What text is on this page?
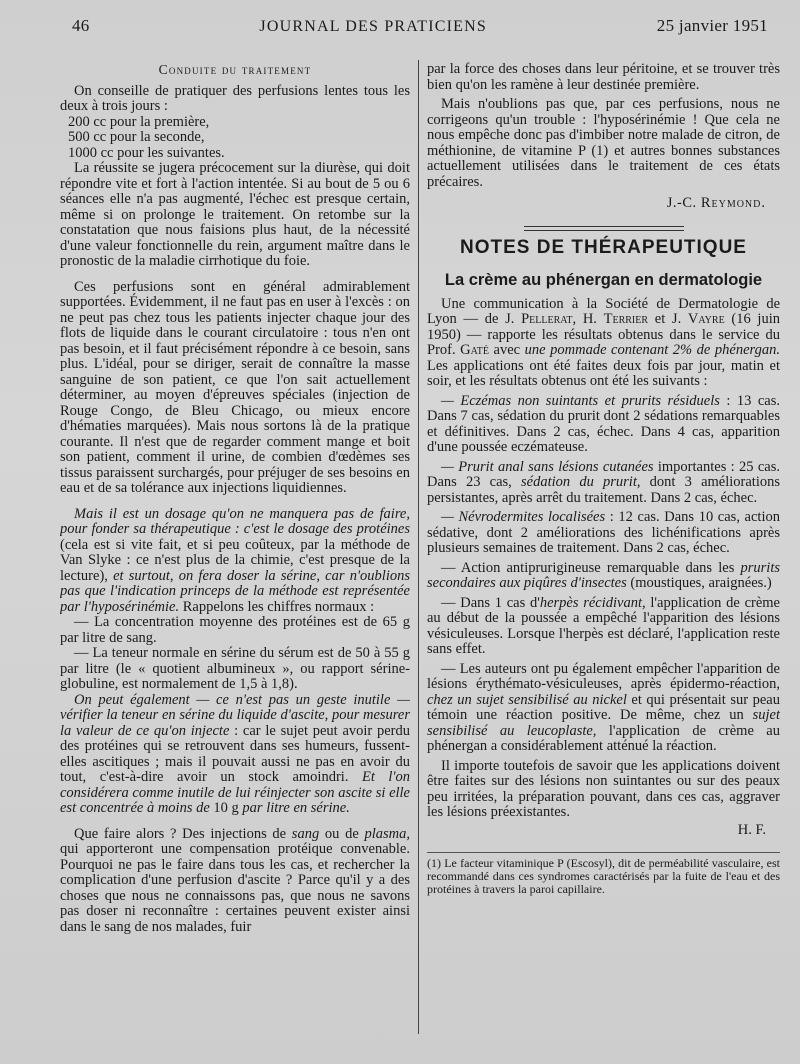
46	JOURNAL DES PRATICIENS	25 janvier 1951
Conduite du traitement

On conseille de pratiquer des perfusions lentes tous les deux à trois jours :

200 cc pour la première,

500 cc pour la seconde,

1000 cc pour les suivantes.

La réussite se jugera précocement sur la diurèse, qui doit répondre vite et fort à l'action intentée. Si au bout de 5 ou 6 séances elle n'a pas augmenté, l'échec est presque certain, même si on prolonge le traitement. On retombe sur la constatation que nous faisions plus haut, de la nécessité d'une valeur fonctionnelle du rein, argument maître dans le pronostic de la maladie cirrhotique du foie.

Ces perfusions sont en général admirablement supportées. Évidemment, il ne faut pas en user à l'excès : on ne peut pas chez tous les patients injecter chaque jour des flots de liquide dans le courant circulatoire : tous n'en ont pas besoin, et il faut précisément répondre à ce besoin, sans plus. L'idéal, pour se diriger, serait de connaître la masse sanguine de son patient, ce que l'on sait actuellement déterminer, au moyen d'épreuves spéciales (injection de Rouge Congo, de Bleu Chicago, ou mieux encore d'hématies marquées). Mais nous sortons là de la pratique courante. Il n'est que de regarder comment mange et boit son patient, comment il urine, de combien d'œdèmes ses tissus paraissent surchargés, pour préjuger de ses besoins en eau et de sa tolérance aux injections liquidiennes.

Mais il est un dosage qu'on ne manquera pas de faire, pour fonder sa thérapeutique : c'est le dosage des protéines (cela est si vite fait, et si peu coûteux, par la méthode de Van Slyke : ce n'est plus de la chimie, c'est presque de la lecture), et surtout, on fera doser la sérine, car n'oublions pas que l'indication princeps de la méthode est représentée par l'hyposérinémie. Rappelons les chiffres normaux :

— La concentration moyenne des protéines est de 65 g par litre de sang.

— La teneur normale en sérine du sérum est de 50 à 55 g par litre (le « quotient albumineux », ou rapport sérine-globuline, est normalement de 1,5 à 1,8).

On peut également — ce n'est pas un geste inutile — vérifier la teneur en sérine du liquide d'ascite, pour mesurer la valeur de ce qu'on injecte : car le sujet peut avoir perdu des protéines qui se retrouvent dans ses humeurs, fussent-elles ascitiques ; mais il pouvait aussi ne pas en avoir du tout, c'est-à-dire avoir un stock amoindri. Et l'on considérera comme inutile de lui réinjecter son ascite si elle est concentrée à moins de 10 g par litre en sérine.

Que faire alors ? Des injections de sang ou de plasma, qui apporteront une compensation protéique convenable. Pourquoi ne pas le faire dans tous les cas, et rechercher la complication d'une perfusion d'ascite ? Parce qu'il y a des choses que nous ne connaissons pas, que nous ne savons pas doser ni reconnaître : certaines peuvent exister ainsi dans le sang de nos malades, fuir

par la force des choses dans leur péritoine, et se trouver très bien qu'on les ramène à leur destinée première.

Mais n'oublions pas que, par ces perfusions, nous ne corrigeons qu'un trouble : l'hyposérinémie ! Que cela ne nous empêche donc pas d'imbiber notre malade de citron, de méthionine, de vitamine P (1) et autres bonnes substances actuellement utilisées dans le traitement de ces états précaires.

J.-C. Reymond.

NOTES DE THÉRAPEUTIQUE
La crème au phénergan en dermatologie

Une communication à la Société de Dermatologie de Lyon — de J. Pellerat, H. Terrier et J. Vayre (16 juin 1950) — rapporte les résultats obtenus dans le service du Prof. Gaté avec une pommade contenant 2% de phénergan. Les applications ont été faites deux fois par jour, matin et soir, et les résultats obtenus ont été les suivants :

— Eczémas non suintants et prurits résiduels : 13 cas. Dans 7 cas, sédation du prurit dont 2 sédations remarquables et définitives. Dans 2 cas, échec. Dans 4 cas, apparition d'une poussée eczémateuse.

— Prurit anal sans lésions cutanées importantes : 25 cas. Dans 23 cas, sédation du prurit, dont 3 améliorations persistantes, après arrêt du traitement. Dans 2 cas, échec.

— Névrodermites localisées : 12 cas. Dans 10 cas, action sédative, dont 2 améliorations des lichénifications après plusieurs semaines de traitement. Dans 2 cas, échec.

— Action antiprurigineuse remarquable dans les prurits secondaires aux piqûres d'insectes (moustiques, araignées.)

— Dans 1 cas d'herpès récidivant, l'application de crème au début de la poussée a empêché l'apparition des lésions vésiculeuses. Lorsque l'herpès est déclaré, l'application reste sans effet.

— Les auteurs ont pu également empêcher l'apparition de lésions érythémato-vésiculeuses, après épidermo-réaction, chez un sujet sensibilisé au nickel et qui présentait sur peau témoin une réaction positive. De même, chez un sujet sensibilisé au leucoplaste, l'application de crème au phénergan a considérablement atténué la réaction.

Il importe toutefois de savoir que les applications doivent être faites sur des lésions non suintantes ou sur des peaux peu irritées, la préparation pouvant, dans ces cas, aggraver les lésions préexistantes.

H. F.

(1) Le facteur vitaminique P (Escosyl), dit de perméabilité vasculaire, est recommandé dans ces syndromes caractérisés par la fuite de l'eau et des protéines à travers la paroi capillaire.
